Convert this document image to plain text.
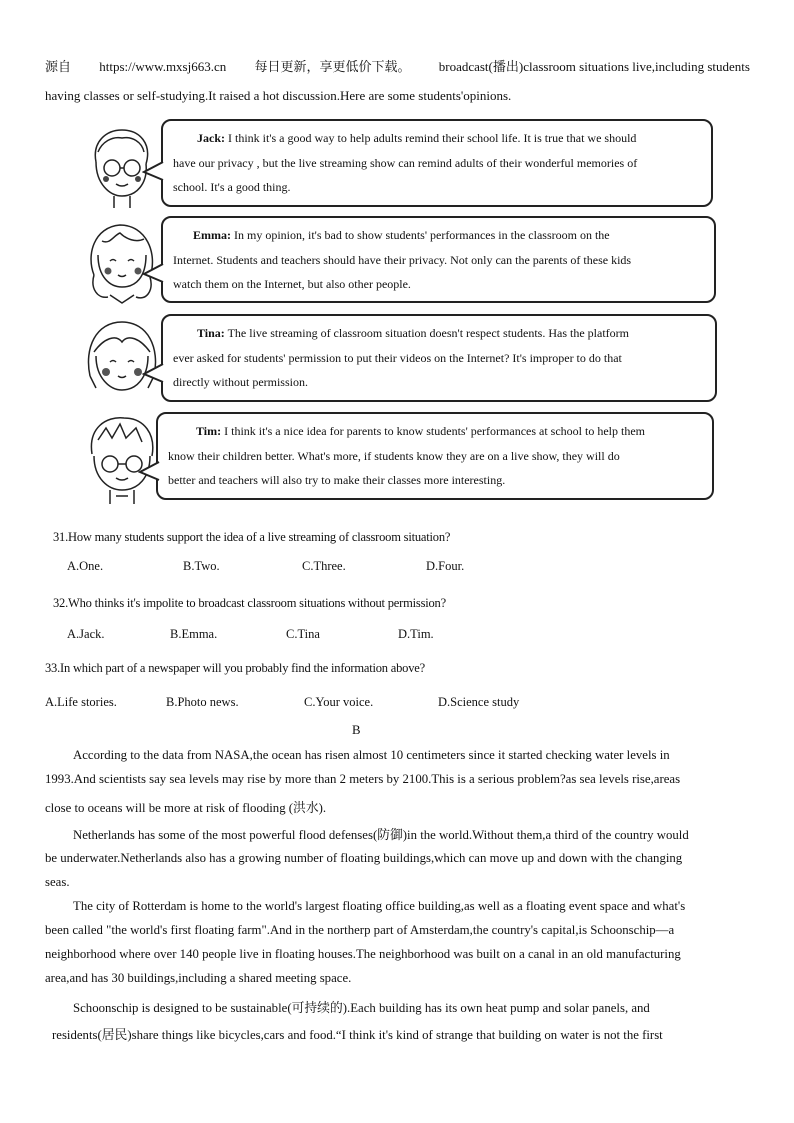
源自 https://www.mxsj663.cn 每日更新，享更低价下载。 broadcast(播出)classroom situations live,including students
having classes or self-studying.It raised a hot discussion.Here are some students'opinions.

Jack: I think it's a good way to help adults remind their school life. It is true that we should

have our privacy , but the live streaming show can remind adults of their wonderful memories of

school. It's a good thing.

Emma: In my opinion, it's bad to show students' performances in the classroom on the

Internet. Students and teachers should have their privacy. Not only can the parents of these kids

watch them on the Internet, but also other people.

Tina: The live streaming of classroom situation doesn't respect students. Has the platform

ever asked for students' permission to put their videos on the Internet? It's improper to do that

directly without permission.

Tim: I think it's a nice idea for parents to know students' performances at school to help them

know their children better. What's more, if students know they are on a live show, they will do

better and teachers will also try to make their classes more interesting.

31.How many students support the idea of a live streaming of classroom situation?
A.One.	B.Two.	C.Three.	D.Four.
32.Who thinks it's impolite to broadcast classroom situations without permission?
A.Jack.	B.Emma.	C.Tina	D.Tim.
33.In which part of a newspaper will you probably find the information above?
A.Life stories.	B.Photo news.	C.Your voice.	D.Science study
B
According to the data from NASA,the ocean has risen almost 10 centimeters since it started checking water levels in
1993.And scientists say sea levels may rise by more than 2 meters by 2100.This is a serious problem?as sea levels rise,areas
close to oceans will be more at risk of flooding (洪水).
Netherlands has some of the most powerful flood defenses(防御)in the world.Without them,a third of the country would
be underwater.Netherlands also has a growing number of floating buildings,which can move up and down with the changing
seas.
The city of Rotterdam is home to the world's largest floating office building,as well as a floating event space and what's
been called "the world's first floating farm".And in the northerp part of Amsterdam,the country's capital,is Schoonschip—a
neighborhood where over 140 people live in floating houses.The neighborhood was built on a canal in an old manufacturing
area,and has 30 buildings,including a shared meeting space.
Schoonschip is designed to be sustainable(可持续的).Each building has its own heat pump and solar panels, and
residents(居民)share things like bicycles,cars and food.“I think it's kind of strange that building on water is not the first
